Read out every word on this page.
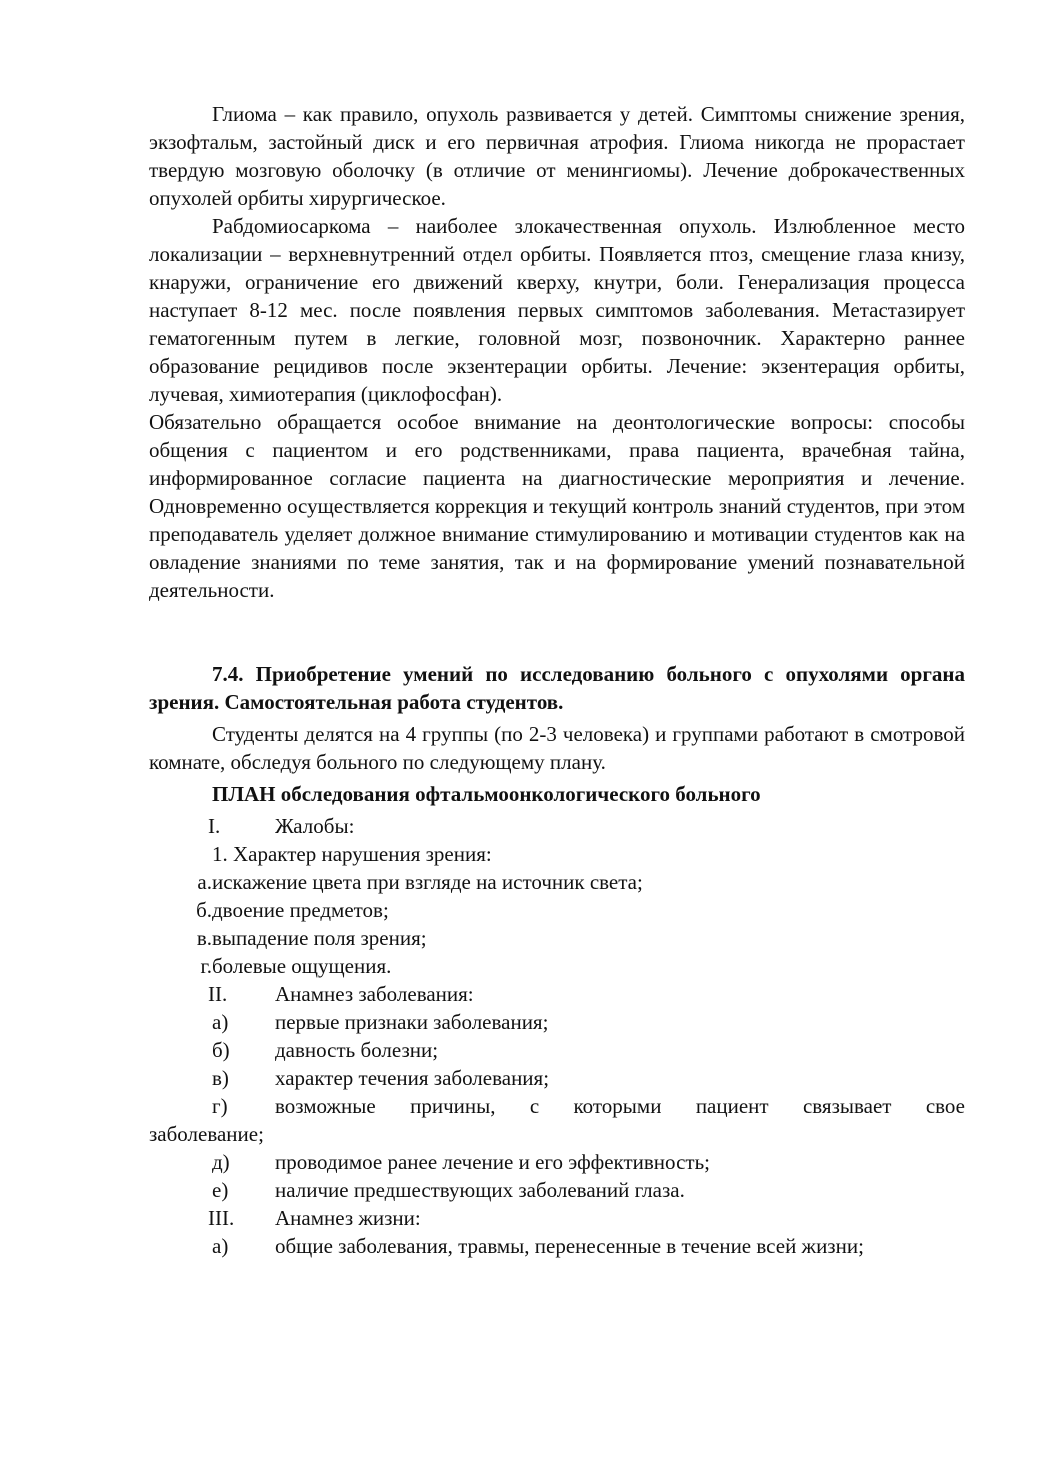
Глиома – как правило, опухоль развивается у детей. Симптомы снижение зрения, экзофтальм, застойный диск и его первичная атрофия. Глиома никогда не прорастает твердую мозговую оболочку (в отличие от менингиомы). Лечение доброкачественных опухолей орбиты хирургическое.

Рабдомиосаркома – наиболее злокачественная опухоль. Излюбленное место локализации – верхневнутренний отдел орбиты. Появляется птоз, смещение глаза книзу, кнаружи, ограничение его движений кверху, кнутри, боли. Генерализация процесса наступает 8-12 мес. после появления первых симптомов заболевания. Метастазирует гематогенным путем в легкие, головной мозг, позвоночник. Характерно раннее образование рецидивов после экзентерации орбиты. Лечение: экзентерация орбиты, лучевая, химиотерапия (циклофосфан).

Обязательно обращается особое внимание на деонтологические вопросы: способы общения с пациентом и его родственниками, права пациента, врачебная тайна, информированное согласие пациента на диагностические мероприятия и лечение. Одновременно осуществляется коррекция и текущий контроль знаний студентов, при этом преподаватель уделяет должное внимание стимулированию и мотивации студентов как на овладение знаниями по теме занятия, так и на формирование умений познавательной деятельности.

7.4. Приобретение умений по исследованию больного с опухолями органа зрения. Самостоятельная работа студентов.

Студенты делятся на 4 группы (по 2-3 человека) и группами работают в смотровой комнате, обследуя больного по следующему плану.

ПЛАН обследования офтальмоонкологического больного

I.	Жалобы:
1. Характер нарушения зрения:
а. искажение цвета при взгляде на источник света;
б. двоение предметов;
в. выпадение поля зрения;
г. болевые ощущения.
II.	Анамнез заболевания:
а)	первые признаки заболевания;
б)	давность болезни;
в)	характер течения заболевания;
г)	возможные причины, с которыми пациент связывает свое

заболевание;

д)	проводимое ранее лечение и его эффективность;
е)	наличие предшествующих заболеваний глаза.
III.	Анамнез жизни:
а)	общие заболевания, травмы, перенесенные в течение всей жизни;
